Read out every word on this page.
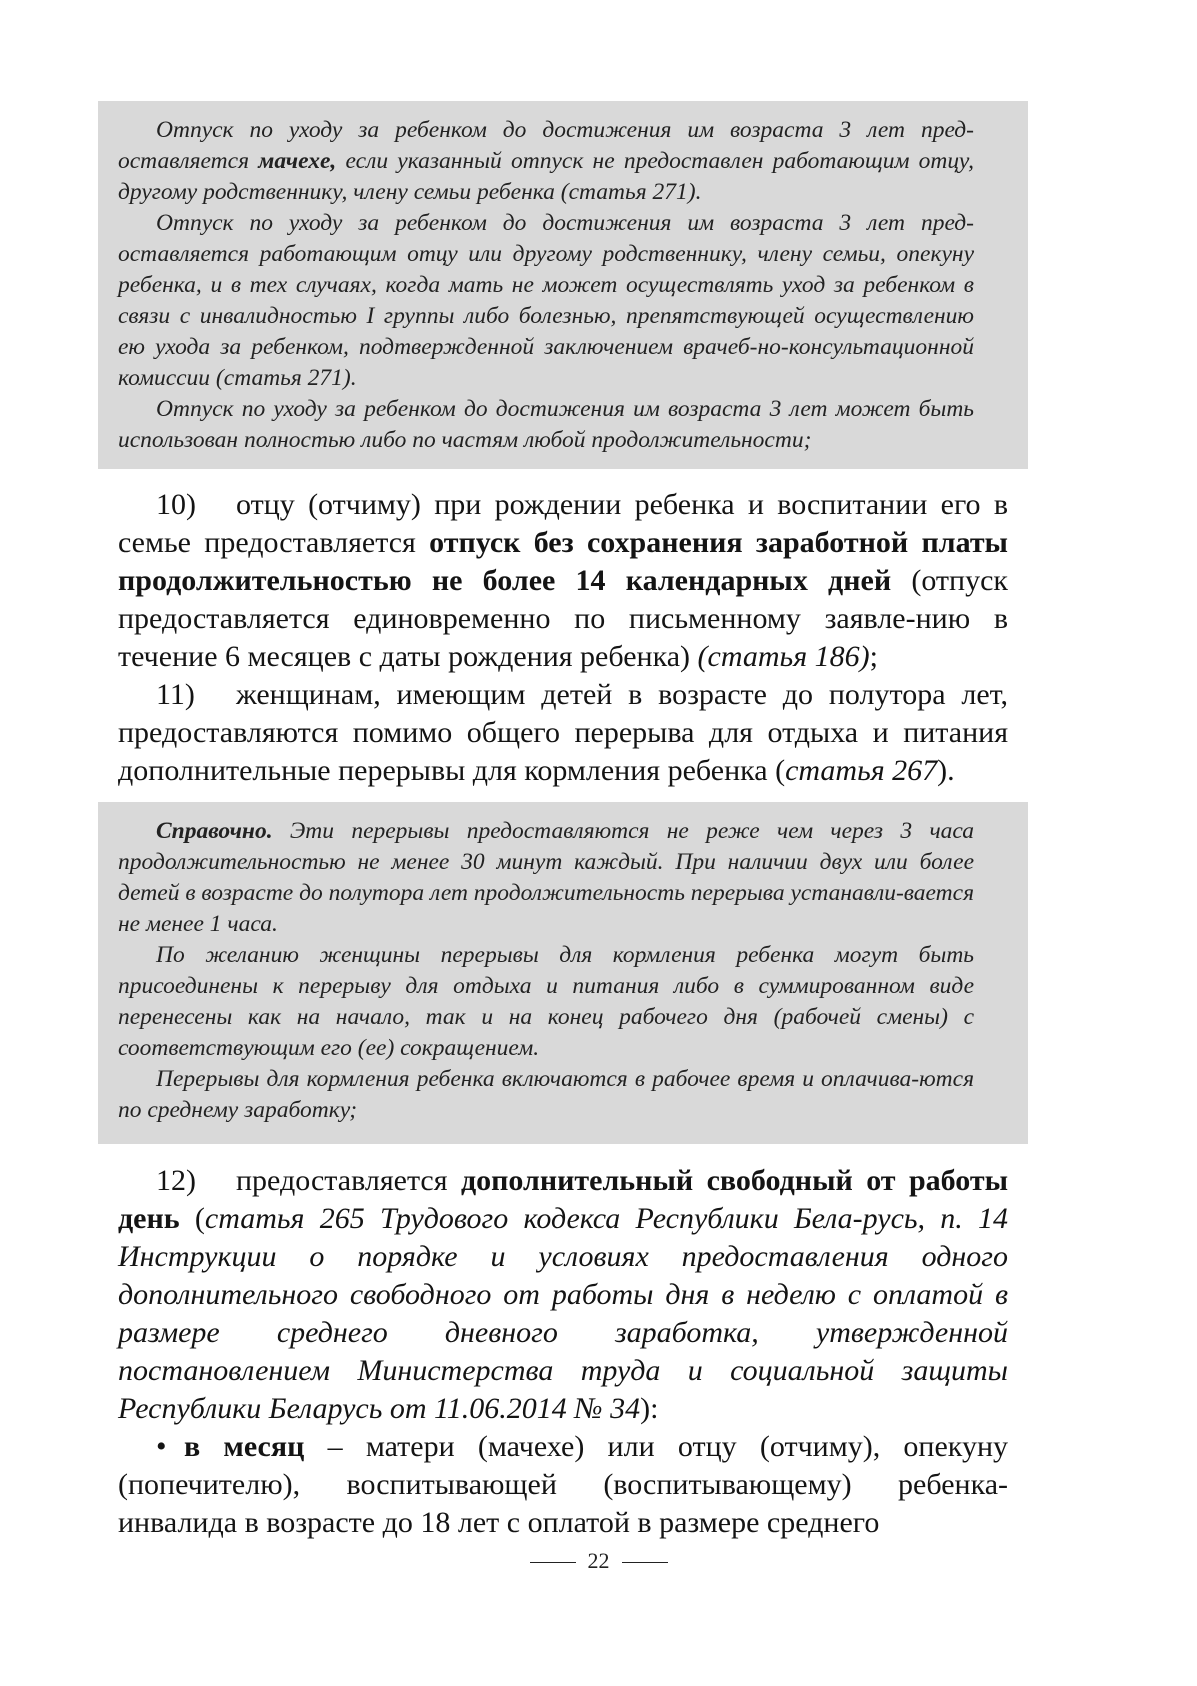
Отпуск по уходу за ребенком до достижения им возраста 3 лет пред-оставляется мачехе, если указанный отпуск не предоставлен работающим отцу, другому родственнику, члену семьи ребенка (статья 271).

Отпуск по уходу за ребенком до достижения им возраста 3 лет пред-оставляется работающим отцу или другому родственнику, члену семьи, опекуну ребенка, и в тех случаях, когда мать не может осуществлять уход за ребенком в связи с инвалидностью I группы либо болезнью, препятствующей осуществлению ею ухода за ребенком, подтвержденной заключением врачеб-но-консультационной комиссии (статья 271).

Отпуск по уходу за ребенком до достижения им возраста 3 лет может быть использован полностью либо по частям любой продолжительности;

10) отцу (отчиму) при рождении ребенка и воспитании его в семье предоставляется отпуск без сохранения заработной платы продолжительностью не более 14 календарных дней (отпуск предоставляется единовременно по письменному заявле-нию в течение 6 месяцев с даты рождения ребенка) (статья 186);

11) женщинам, имеющим детей в возрасте до полутора лет, предоставляются помимо общего перерыва для отдыха и питания дополнительные перерывы для кормления ребенка (статья 267).

Справочно. Эти перерывы предоставляются не реже чем через 3 часа продолжительностью не менее 30 минут каждый. При наличии двух или более детей в возрасте до полутора лет продолжительность перерыва устанавли-вается не менее 1 часа.

По желанию женщины перерывы для кормления ребенка могут быть присоединены к перерыву для отдыха и питания либо в суммированном виде перенесены как на начало, так и на конец рабочего дня (рабочей смены) с соответствующим его (ее) сокращением.

Перерывы для кормления ребенка включаются в рабочее время и оплачива-ются по среднему заработку;

12) предоставляется дополнительный свободный от работы день (статья 265 Трудового кодекса Республики Бела-русь, п. 14 Инструкции о порядке и условиях предоставления одного дополнительного свободного от работы дня в неделю с оплатой в размере среднего дневного заработка, утвержденной постановлением Министерства труда и социальной защиты Республики Беларусь от 11.06.2014 № 34):

• в месяц – матери (мачехе) или отцу (отчиму), опекуну (попечителю), воспитывающей (воспитывающему) ребенка-инвалида в возрасте до 18 лет с оплатой в размере среднего

22
